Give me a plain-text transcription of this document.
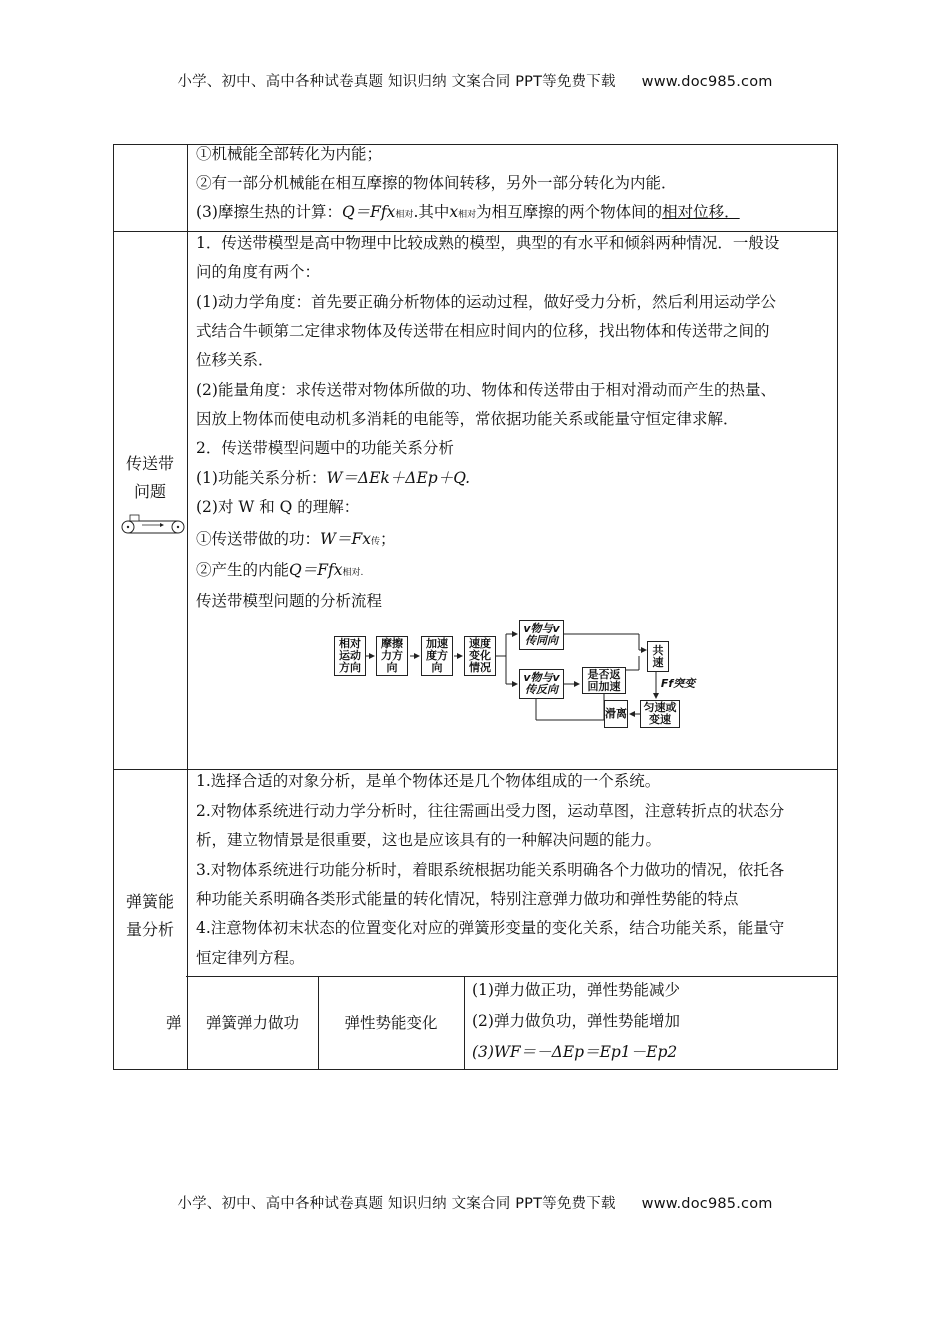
小学、初中、高中各种试卷真题 知识归纳 文案合同 PPT等免费下载 www.doc985.com
①机械能全部转化为内能；
②有一部分机械能在相互摩擦的物体间转移，另外一部分转化为内能．
(3)摩擦生热的计算：Q＝Ffx相对.其中x相对为相互摩擦的两个物体间的相对位移．
传送带
问题
1．传送带模型是高中物理中比较成熟的模型，典型的有水平和倾斜两种情况．一般设
问的角度有两个：
(1)动力学角度：首先要正确分析物体的运动过程，做好受力分析，然后利用运动学公
式结合牛顿第二定律求物体及传送带在相应时间内的位移，找出物体和传送带之间的
位移关系．
(2)能量角度：求传送带对物体所做的功、物体和传送带由于相对滑动而产生的热量、
因放上物体而使电动机多消耗的电能等，常依据功能关系或能量守恒定律求解．
2．传送带模型问题中的功能关系分析
(1)功能关系分析：W＝ΔEk＋ΔEp＋Q.
(2)对 W 和 Q 的理解：
①传送带做的功：W＝Fx传；
②产生的内能Q＝Ffx相对.
传送带模型问题的分析流程
相对运动方向
摩擦力方向
加速度方向
速度变化情况
v物与v传同向
v物与v传反向
是否返回加速
共速
Ff突变
匀速或变速
滑离
弹簧能
量分析
1.选择合适的对象分析，是单个物体还是几个物体组成的一个系统。
2.对物体系统进行动力学分析时，往往需画出受力图，运动草图，注意转折点的状态分
析，建立物情景是很重要，这也是应该具有的一种解决问题的能力。
3.对物体系统进行功能分析时，着眼系统根据功能关系明确各个力做功的情况，依托各
种功能关系明确各类形式能量的转化情况，特别注意弹力做功和弹性势能的特点
4.注意物体初末状态的位置变化对应的弹簧形变量的变化关系，结合功能关系，能量守
恒定律列方程。
弹	弹簧弹力做功	弹性势能变化
(1)弹力做正功，弹性势能减少
(2)弹力做负功，弹性势能增加
(3)WF＝－ΔEp＝Ep1－Ep2
小学、初中、高中各种试卷真题 知识归纳 文案合同 PPT等免费下载 www.doc985.com
